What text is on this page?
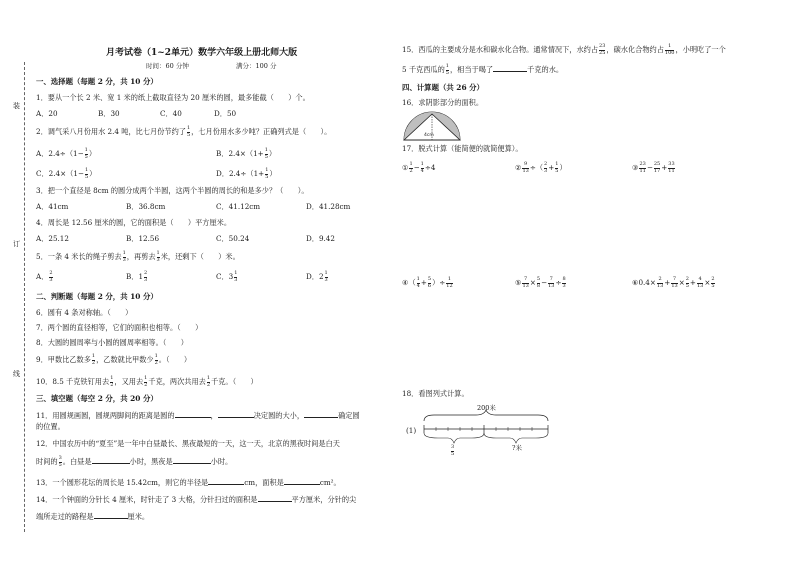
装
订
线
月考试卷（1~2单元）数学六年级上册北师大版
时间：60 分钟	满分：100 分
一、选择题（每题 2 分，共 10 分）
1．要从一个长 2 米、宽 1 米的纸上截取直径为 20 厘米的圆，最多能截（　　）个。
A．20	B．30	C．40	D．50
2．调气采八月份用水 2.4 吨，比七月份节约了 $\frac{1}{5}$ ，七月份用水多少吨？正确列式是（　　）。
A．$2.4\div(1- \frac{1}{5}$ ）	B．$2.4\times(1+ \frac{1}{5}$ ）
C．$2.4\times(1- \frac{1}{5}$ ）	D．$2.4\div(1+ \frac{1}{5}$ ）
3．把一个直径是 8cm 的圆分成两个半圆，这两个半圆的周长的和是多少？（　　）。
A．41cm	B．36.8cm	C．41.12cm	D．41.28cm
4．周长是 12.56 厘米的圆，它的面积是（　　）平方厘米。
A．25.12	B．12.56	C．50.24	D．9.42
5．一条 4 米长的绳子剪去 $\frac{1}{3}$ ，再剪去 $\frac{1}{3}$ 米，还剩下（　　）米。
A． $\frac{2}{3}$	B．$1 \frac{2}{3}$	C．$3 \frac{1}{3}$	D．$2 \frac{1}{3}$
二、判断题（每题 2 分，共 10 分）
6．圆有 4 条对称轴。（　　）
7．两个圆的直径相等，它们的面积也相等。（　　）
8．大圆的圆周率与小圆的圆周率相等。（　　）
9．甲数比乙数多 $\frac{1}{2}$ ，乙数就比甲数少 $\frac{1}{2}$ 。（　　）
10．8.5 千克铁钉用去 $\frac{1}{2}$ ，又用去 $\frac{1}{2}$ 千克，两次共用去 $\frac{1}{2}$ 千克。（　　）
三、填空题（每空 2 分，共 20 分）
11．用圆规画圆，圆规两脚间的距离是圆的	，	决定圆的大小，	确定圆
的位置。
12．中国农历中的“夏至”是一年中白昼最长、黑夜最短的一天，这一天，北京的黑夜时间是白天
时间的 $\frac{3}{5}$ 。白昼是	小时，黑夜是	小时。
13．一个圆形花坛的周长是 15.42cm，则它的半径是	cm，面积是	cm²。
14．一个钟面的分针长 4 厘米，时针走了 3 大格，分针扫过的面积是	平方厘米，分针的尖
端所走过的路程是	厘米。
15．西瓜的主要成分是水和碳水化合物。通常情况下，水约占 $\frac{23}{25}$ ，碳水化合物约占 $\frac{1}{100}$ ，小明吃了一个
5 千克西瓜的 $\frac{1}{5}$ ，相当于喝了	千克的水。
四、计算题（共 26 分）
16．求阴影部分的面积。
4cm
17．脱式计算（能简便的就简便算）。
① $\frac{1}{2} - \frac{1}{4} \div 4$	② $\frac{9}{13}$ ÷（ $\frac{2}{3} + \frac{1}{5}$ ）	③ $\frac{23}{11} - \frac{25}{17} + \frac{33}{11}$
④（ $\frac{1}{4} + \frac{5}{6}$ ）÷ $\frac{1}{12}$	⑤ $\frac{7}{13} \times \frac{5}{8} - \frac{7}{13} \div \frac{8}{3}$	⑥0.4× $\frac{2}{13} + \frac{7}{13} \times \frac{2}{5} + \frac{4}{13} \times \frac{2}{5}$
18．看图列式计算。
(1)
200米
$\frac{3}{5}$	?米
